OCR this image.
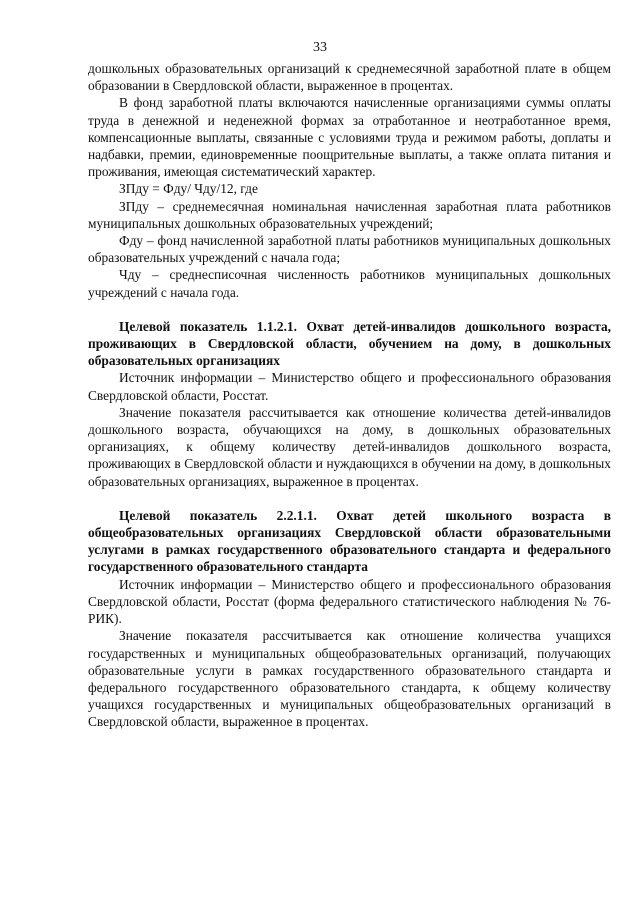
33

дошкольных образовательных организаций к среднемесячной заработной плате в общем образовании в Свердловской области, выраженное в процентах.

В фонд заработной платы включаются начисленные организациями суммы оплаты труда в денежной и неденежной формах за отработанное и неотработанное время, компенсационные выплаты, связанные с условиями труда и режимом работы, доплаты и надбавки, премии, единовременные поощрительные выплаты, а также оплата питания и проживания, имеющая систематический характер.

ЗПду = Фду/ Чду/12, где

ЗПду – среднемесячная номинальная начисленная заработная плата работников муниципальных дошкольных образовательных учреждений;

Фду – фонд начисленной заработной платы работников муниципальных дошкольных образовательных учреждений с начала года;

Чду – среднесписочная численность работников муниципальных дошкольных учреждений с начала года.

Целевой показатель 1.1.2.1. Охват детей-инвалидов дошкольного возраста, проживающих в Свердловской области, обучением на дому, в дошкольных образовательных организациях

Источник информации – Министерство общего и профессионального образования Свердловской области, Росстат.

Значение показателя рассчитывается как отношение количества детей-инвалидов дошкольного возраста, обучающихся на дому, в дошкольных образовательных организациях, к общему количеству детей-инвалидов дошкольного возраста, проживающих в Свердловской области и нуждающихся в обучении на дому, в дошкольных образовательных организациях, выраженное в процентах.

Целевой показатель 2.2.1.1. Охват детей школьного возраста в общеобразовательных организациях Свердловской области образовательными услугами в рамках государственного образовательного стандарта и федерального государственного образовательного стандарта

Источник информации – Министерство общего и профессионального образования Свердловской области, Росстат (форма федерального статистического наблюдения № 76-РИК).

Значение показателя рассчитывается как отношение количества учащихся государственных и муниципальных общеобразовательных организаций, получающих образовательные услуги в рамках государственного образовательного стандарта и федерального государственного образовательного стандарта, к общему количеству учащихся государственных и муниципальных общеобразовательных организаций в Свердловской области, выраженное в процентах.
